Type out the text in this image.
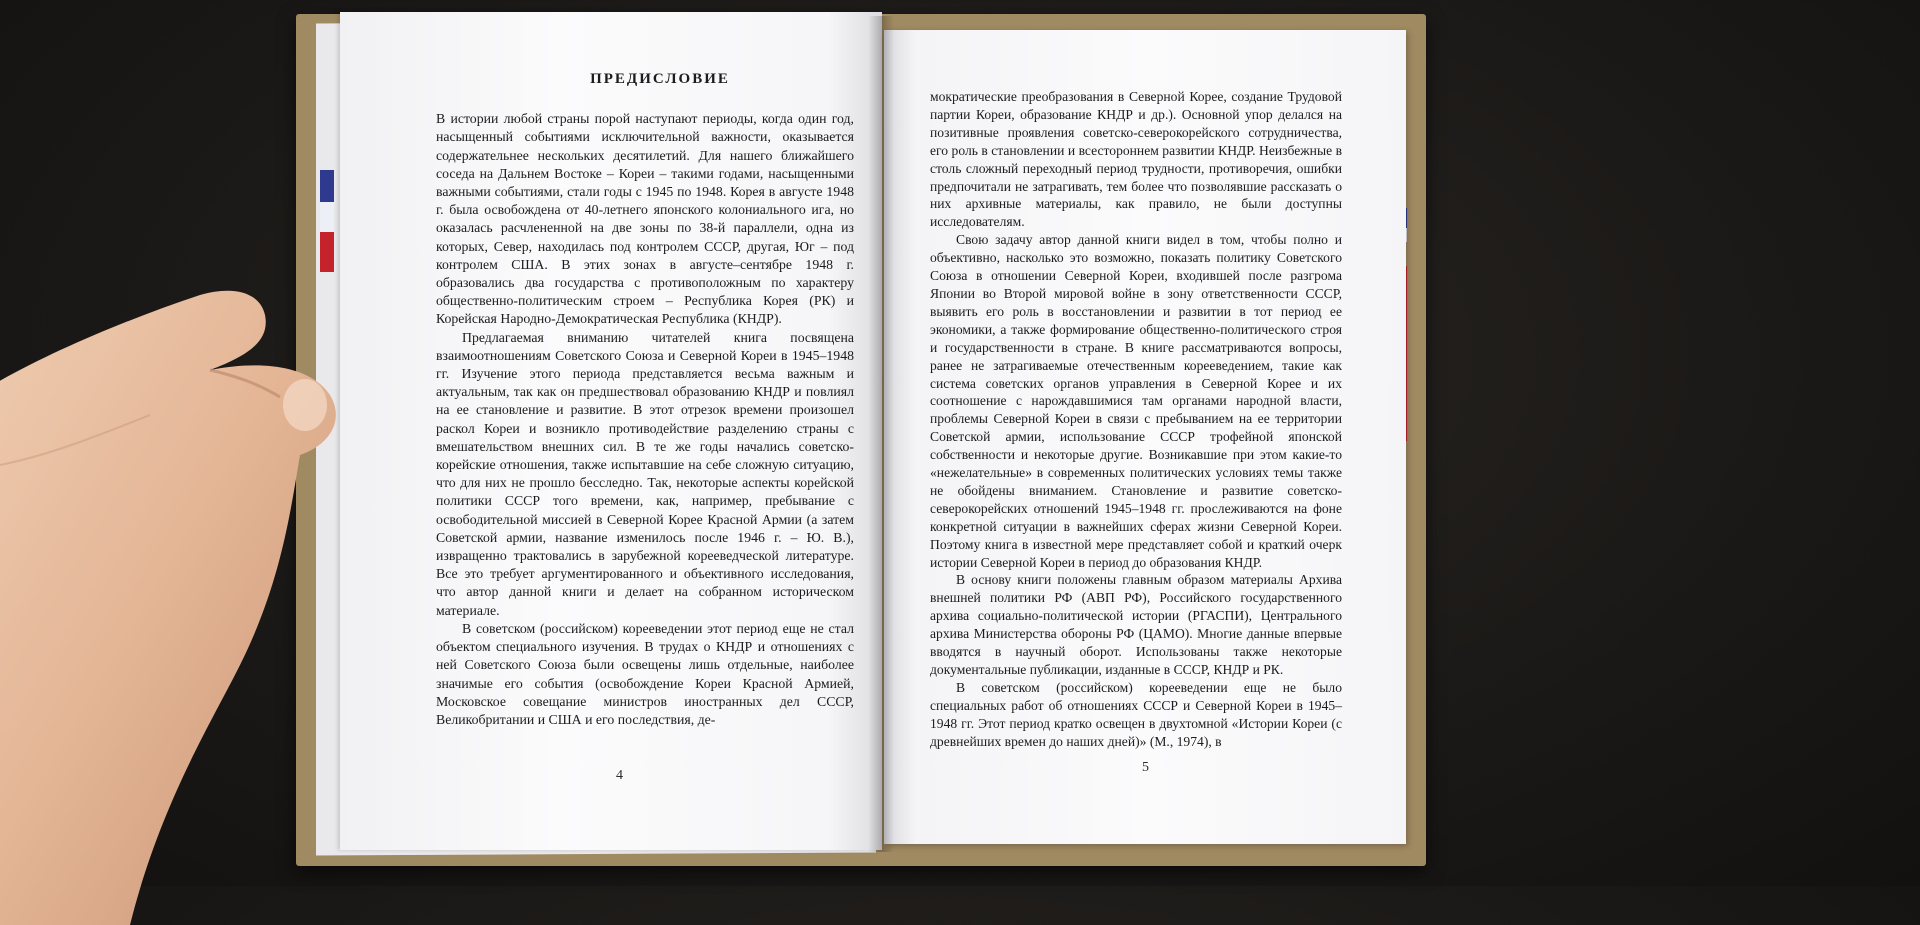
ПРЕДИСЛОВИЕ

В истории любой страны порой наступают периоды, когда один год, насыщенный событиями исключительной важности, оказывается содержательнее нескольких десятилетий. Для нашего ближайшего соседа на Дальнем Востоке – Кореи – такими годами, насыщенными важными событиями, стали годы с 1945 по 1948. Корея в августе 1948 г. была освобождена от 40-летнего японского колониального ига, но оказалась расчлененной на две зоны по 38-й параллели, одна из которых, Север, находилась под контролем СССР, другая, Юг – под контролем США. В этих зонах в августе–сентябре 1948 г. образовались два государства с противоположным по характеру общественно-политическим строем – Республика Корея (РК) и Корейская Народно-Демократическая Республика (КНДР).

Предлагаемая вниманию читателей книга посвящена взаимоотношениям Советского Союза и Северной Кореи в 1945–1948 гг. Изучение этого периода представляется весьма важным и актуальным, так как он предшествовал образованию КНДР и повлиял на ее становление и развитие. В этот отрезок времени произошел раскол Кореи и возникло противодействие разделению страны с вмешательством внешних сил. В те же годы начались советско-корейские отношения, также испытавшие на себе сложную ситуацию, что для них не прошло бесследно. Так, некоторые аспекты корейской политики СССР того времени, как, например, пребывание с освободительной миссией в Северной Корее Красной Армии (а затем Советской армии, название изменилось после 1946 г. – Ю. В.), извращенно трактовались в зарубежной корееведческой литературе. Все это требует аргументированного и объективного исследования, что автор данной книги и делает на собранном историческом материале.

В советском (российском) корееведении этот период еще не стал объектом специального изучения. В трудах о КНДР и отношениях с ней Советского Союза были освещены лишь отдельные, наиболее значимые его события (освобождение Кореи Красной Армией, Московское совещание министров иностранных дел СССР, Великобритании и США и его последствия, де-

4

мократические преобразования в Северной Корее, создание Трудовой партии Кореи, образование КНДР и др.). Основной упор делался на позитивные проявления советско-северокорейского сотрудничества, его роль в становлении и всестороннем развитии КНДР. Неизбежные в столь сложный переходный период трудности, противоречия, ошибки предпочитали не затрагивать, тем более что позволявшие рассказать о них архивные материалы, как правило, не были доступны исследователям.

Свою задачу автор данной книги видел в том, чтобы полно и объективно, насколько это возможно, показать политику Советского Союза в отношении Северной Кореи, входившей после разгрома Японии во Второй мировой войне в зону ответственности СССР, выявить его роль в восстановлении и развитии в тот период ее экономики, а также формирование общественно-политического строя и государственности в стране. В книге рассматриваются вопросы, ранее не затрагиваемые отечественным корееведением, такие как система советских органов управления в Северной Корее и их соотношение с нарождавшимися там органами народной власти, проблемы Северной Кореи в связи с пребыванием на ее территории Советской армии, использование СССР трофейной японской собственности и некоторые другие. Возникавшие при этом какие-то «нежелательные» в современных политических условиях темы также не обойдены вниманием. Становление и развитие советско-северокорейских отношений 1945–1948 гг. прослеживаются на фоне конкретной ситуации в важнейших сферах жизни Северной Кореи. Поэтому книга в известной мере представляет собой и краткий очерк истории Северной Кореи в период до образования КНДР.

В основу книги положены главным образом материалы Архива внешней политики РФ (АВП РФ), Российского государственного архива социально-политической истории (РГАСПИ), Центрального архива Министерства обороны РФ (ЦАМО). Многие данные впервые вводятся в научный оборот. Использованы также некоторые документальные публикации, изданные в СССР, КНДР и РК.

В советском (российском) корееведении еще не было специальных работ об отношениях СССР и Северной Кореи в 1945–1948 гг. Этот период кратко освещен в двухтомной «Истории Кореи (с древнейших времен до наших дней)» (М., 1974), в

5
